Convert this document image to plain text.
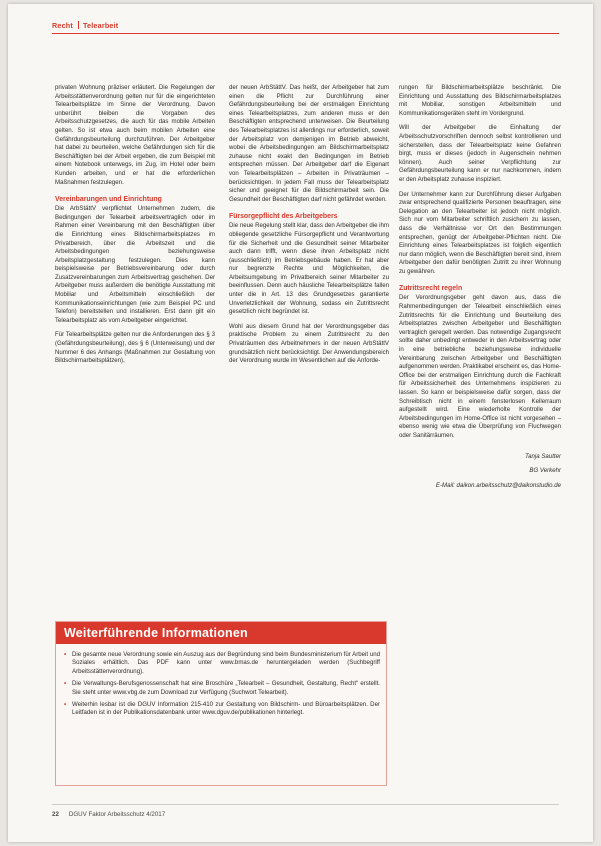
Recht Telearbeit

privaten Wohnung präziser erläutert. Die Regelungen der Arbeitsstättenverordnung gelten nur für die eingerichteten Telearbeitsplätze im Sinne der Verordnung. Davon unberührt bleiben die Vorgaben des Arbeitsschutzgesetzes, die auch für das mobile Arbeiten gelten. So ist etwa auch beim mobilen Arbeiten eine Gefährdungsbeurteilung durchzuführen. Der Arbeitgeber hat dabei zu beurteilen, welche Gefährdungen sich für die Beschäftigten bei der Arbeit ergeben, die zum Beispiel mit einem Notebook unterwegs, im Zug, im Hotel oder beim Kunden arbeiten, und er hat die erforderlichen Maßnahmen festzulegen.

Vereinbarungen und Einrichtung

Die ArbStättV verpflichtet Unternehmen zudem, die Bedingungen der Telearbeit arbeitsvertraglich oder im Rahmen einer Vereinbarung mit den Beschäftigten über die Einrichtung eines Bildschirmarbeitsplatzes im Privatbereich, über die Arbeitszeit und die Arbeitsbedingungen beziehungsweise Arbeitsplatzgestaltung festzulegen. Dies kann beispielsweise per Betriebsvereinbarung oder durch Zusatzvereinbarungen zum Arbeitsvertrag geschehen. Der Arbeitgeber muss außerdem die benötigte Ausstattung mit Mobiliar und Arbeitsmitteln einschließlich der Kommunikationseinrichtungen (wie zum Beispiel PC und Telefon) bereitstellen und installieren. Erst dann gilt ein Telearbeitsplatz als vom Arbeitgeber eingerichtet.

Für Telearbeitsplätze gelten nur die Anforderungen des § 3 (Gefährdungsbeurteilung), des § 6 (Unterweisung) und der Nummer 6 des Anhangs (Maßnahmen zur Gestaltung von Bildschirmarbeitsplätzen),

der neuen ArbStättV. Das heißt, der Arbeitgeber hat zum einen die Pflicht zur Durchführung einer Gefährdungsbeurteilung bei der erstmaligen Einrichtung eines Telearbeitsplatzes, zum anderen muss er den Beschäftigten entsprechend unterweisen. Die Beurteilung des Telearbeitsplatzes ist allerdings nur erforderlich, soweit der Arbeitsplatz von demjenigen im Betrieb abweicht, wobei die Arbeitsbedingungen am Bildschirmarbeitsplatz zuhause nicht exakt den Bedingungen im Betrieb entsprechen müssen. Der Arbeitgeber darf die Eigenart von Telearbeitsplätzen – Arbeiten in Privaträumen – berücksichtigen. In jedem Fall muss der Telearbeitsplatz sicher und geeignet für die Bildschirmarbeit sein. Die Gesundheit der Beschäftigten darf nicht gefährdet werden.

Fürsorgepflicht des Arbeitgebers

Die neue Regelung stellt klar, dass den Arbeitgeber die ihm obliegende gesetzliche Fürsorgepflicht und Verantwortung für die Sicherheit und die Gesundheit seiner Mitarbeiter auch dann trifft, wenn diese ihren Arbeitsplatz nicht (ausschließlich) im Betriebsgebäude haben. Er hat aber nur begrenzte Rechte und Möglichkeiten, die Arbeitsumgebung im Privatbereich seiner Mitarbeiter zu beeinflussen. Denn auch häusliche Telearbeitsplätze fallen unter die in Art. 13 des Grundgesetzes garantierte Unverletzlichkeit der Wohnung, sodass ein Zutrittsrecht gesetzlich nicht begründet ist.

Wohl aus diesem Grund hat der Verordnungsgeber das praktische Problem zu einem Zutrittsrecht zu den Privaträumen des Arbeitnehmers in der neuen ArbStättV grundsätzlich nicht berücksichtigt. Der Anwendungsbereich der Verordnung wurde im Wesentlichen auf die Anforde-

rungen für Bildschirmarbeitsplätze beschränkt. Die Einrichtung und Ausstattung des Bildschirmarbeitsplatzes mit Mobiliar, sonstigen Arbeitsmitteln und Kommunikationsgeräten steht im Vordergrund.

Will der Arbeitgeber die Einhaltung der Arbeitsschutzvorschriften dennoch selbst kontrollieren und sicherstellen, dass der Telearbeitsplatz keine Gefahren birgt, muss er dieses (jedoch in Augenschein nehmen können). Auch seiner Verpflichtung zur Gefährdungsbeurteilung kann er nur nachkommen, indem er den Arbeitsplatz zuhause inspiziert.

Der Unternehmer kann zur Durchführung dieser Aufgaben zwar entsprechend qualifizierte Personen beauftragen, eine Delegation an den Telearbeiter ist jedoch nicht möglich. Sich nur vom Mitarbeiter schriftlich zusichern zu lassen, dass die Verhältnisse vor Ort den Bestimmungen entsprechen, genügt der Arbeitgeber-Pflichten nicht. Die Einrichtung eines Telearbeitsplatzes ist folglich eigentlich nur dann möglich, wenn die Beschäftigten bereit sind, ihrem Arbeitgeber den dafür benötigten Zutritt zu ihrer Wohnung zu gewähren.

Zutrittsrecht regeln

Der Verordnungsgeber geht davon aus, dass die Rahmenbedingungen der Telearbeit einschließlich eines Zutrittsrechts für die Einrichtung und Beurteilung des Arbeitsplatzes zwischen Arbeitgeber und Beschäftigten vertraglich geregelt werden. Das notwendige Zugangsrecht sollte daher unbedingt entweder in den Arbeitsvertrag oder in eine betriebliche beziehungsweise individuelle Vereinbarung zwischen Arbeitgeber und Beschäftigten aufgenommen werden. Praktikabel erscheint es, das Home-Office bei der erstmaligen Einrichtung durch die Fachkraft für Arbeitssicherheit des Unternehmens inspizieren zu lassen. So kann er beispielsweise dafür sorgen, dass der Schreibtisch nicht in einem fensterlosen Kellerraum aufgestellt wird. Eine wiederholte Kontrolle der Arbeitsbedingungen im Home-Office ist nicht vorgesehen – ebenso wenig wie etwa die Überprüfung von Fluchwegen oder Sanitärräumen.

Tanja Sautter

BG Verkehr

E-Mail: daikon.arbeitsschutz@daikonstudio.de

Weiterführende Informationen
• Die gesamte neue Verordnung sowie ein Auszug aus der Begründung sind beim Bundesministerium für Arbeit und Soziales erhältlich. Das PDF kann unter www.bmas.de heruntergeladen werden (Suchbegriff Arbeitsstättenverordnung).
• Die Verwaltungs-Berufsgenossenschaft hat eine Broschüre „Telearbeit – Gesundheit, Gestaltung, Recht“ erstellt. Sie steht unter www.vbg.de zum Download zur Verfügung (Suchwort Telearbeit).
• Weiterhin lesbar ist die DGUV Information 215-410 zur Gestaltung von Bildschirm- und Büroarbeitsplätzen. Der Leitfaden ist in der Publikationsdatenbank unter www.dguv.de/publikationen hinterlegt.
22 DGUV Faktor Arbeitsschutz 4/2017
